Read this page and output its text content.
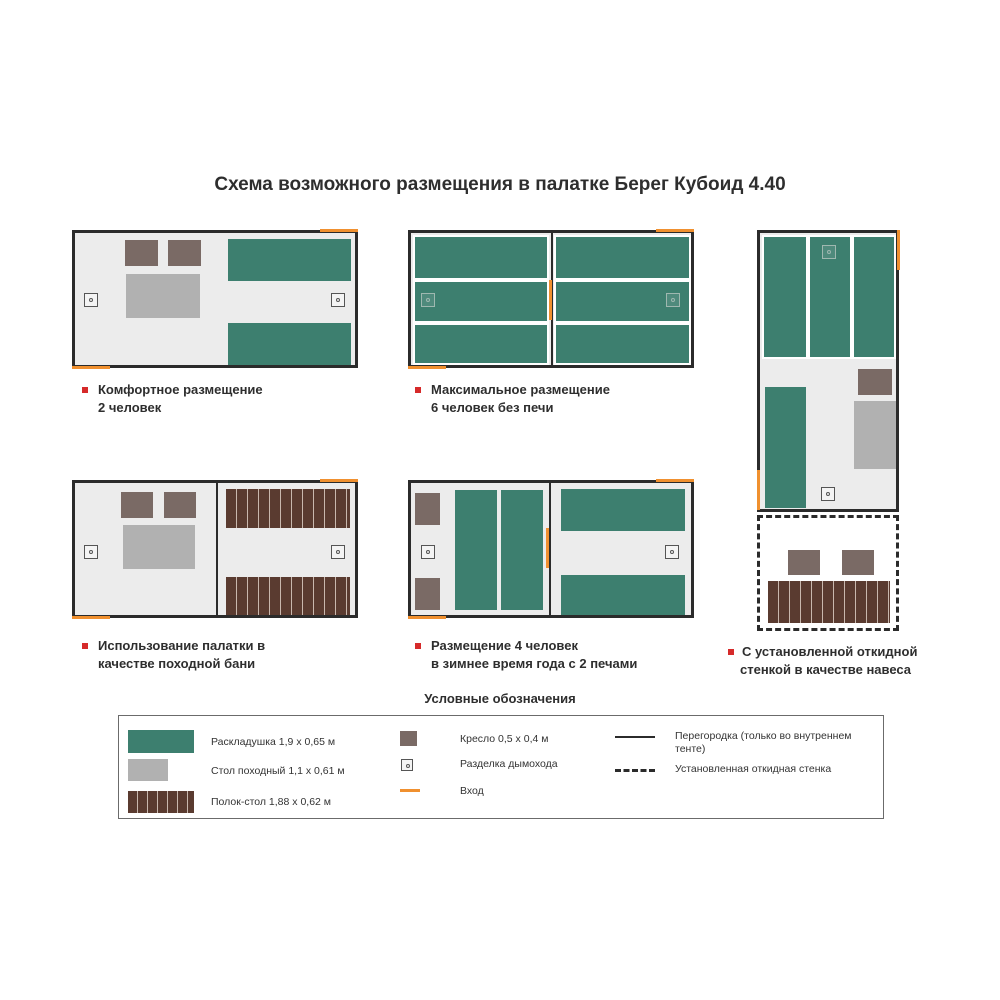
Схема возможного размещения в палатке Берег Кубоид 4.40
Комфортное размещение
2 человек
Максимальное размещение
6 человек без печи
С установленной откидной
стенкой в качестве навеса
Использование палатки в
качестве походной бани
Размещение 4 человек
в зимнее время года с 2 печами
Условные обозначения
Раскладушка 1,9 х 0,65 м
Стол походный 1,1 х 0,61 м
Полок-стол 1,88 х 0,62 м
Кресло 0,5 х 0,4 м
Разделка дымохода
Вход
Перегородка (только во внутреннем
тенте)
Установленная откидная стенка
